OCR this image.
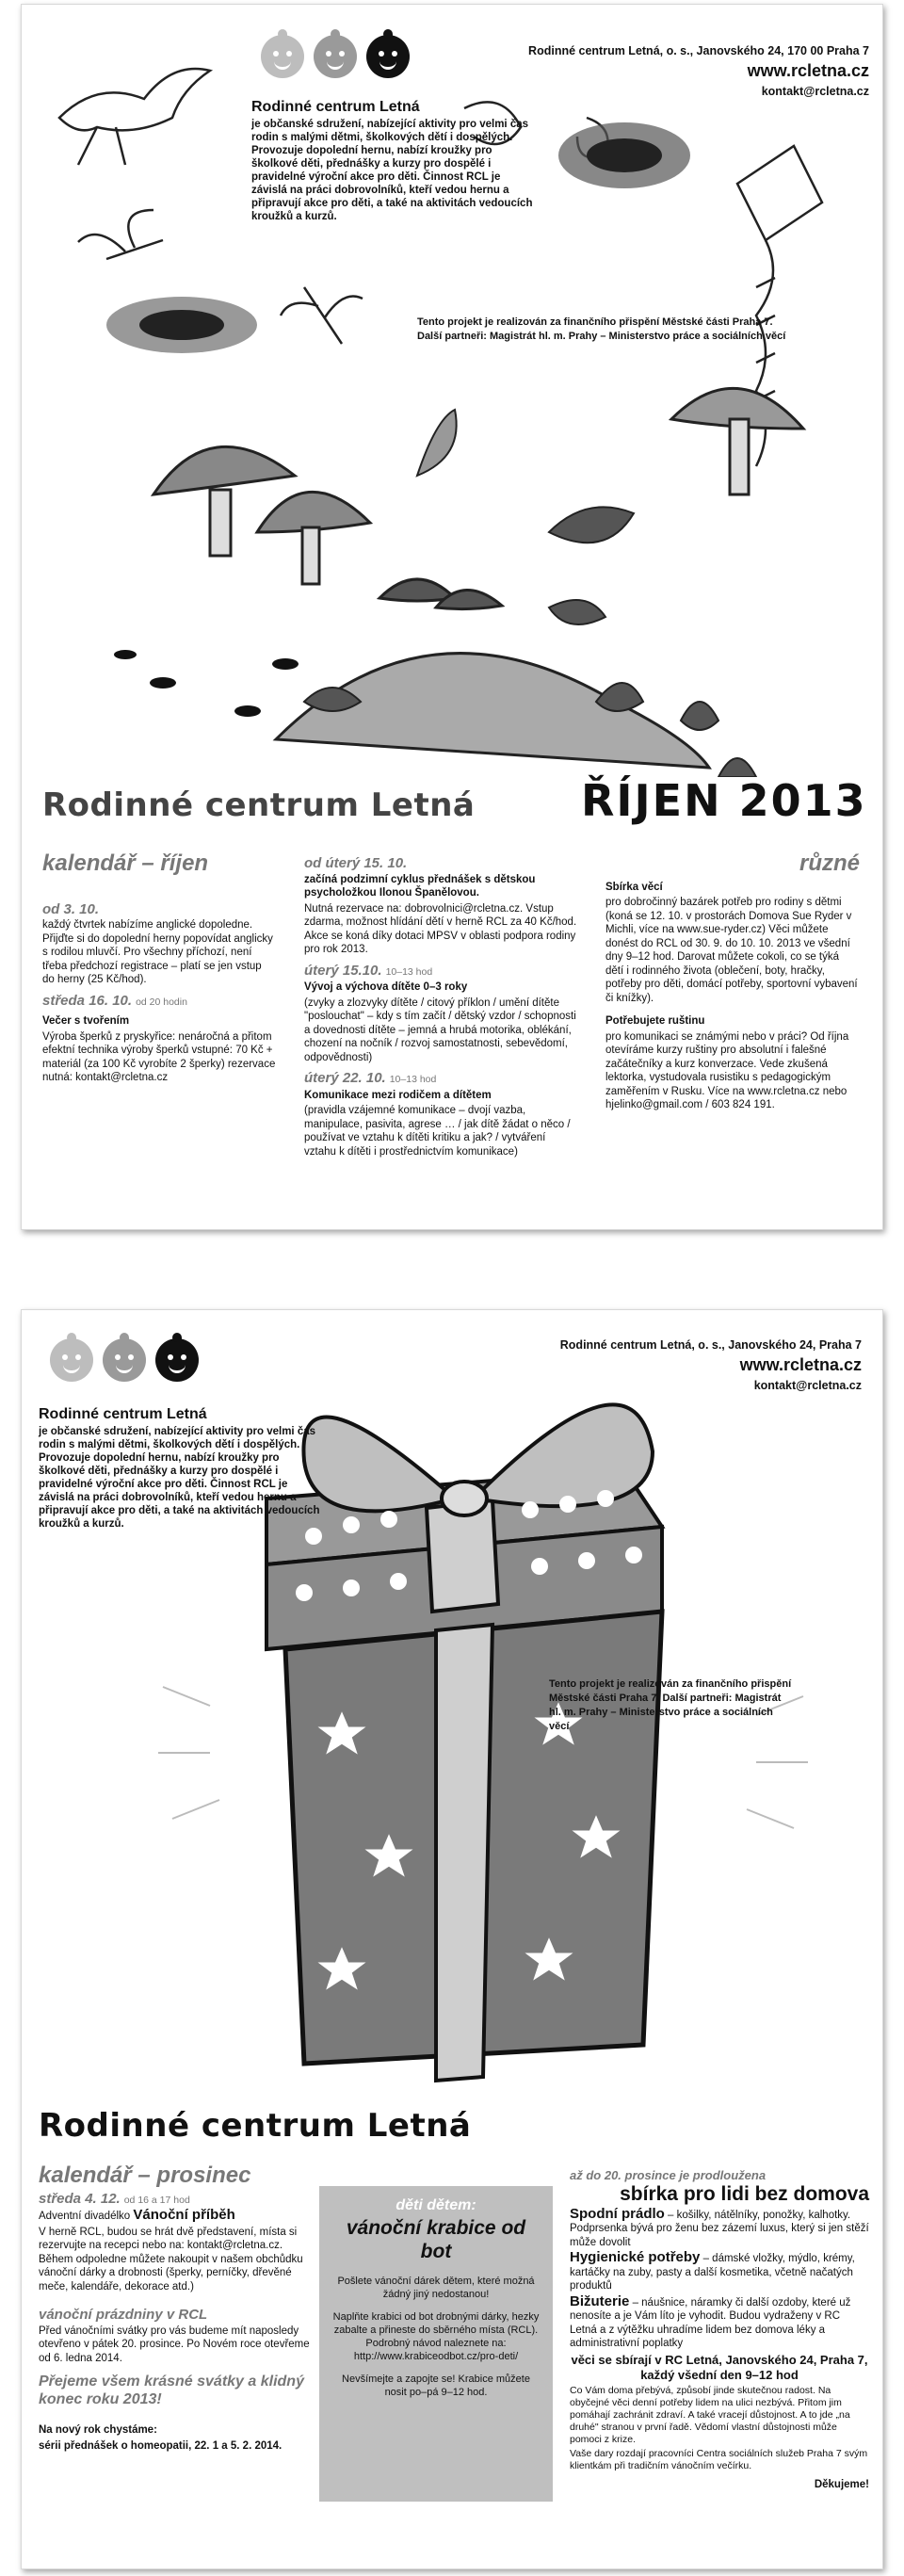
Rodinné centrum Letná
je občanské sdružení, nabízející aktivity pro velmi čas rodin s malými dětmi, školkových dětí i dospělých. Provozuje dopolední hernu, nabízí kroužky pro školkové děti, přednášky a kurzy pro dospělé i pravidelné výroční akce pro děti. Činnost RCL je závislá na práci dobrovolníků, kteří vedou hernu a připravují akce pro děti, a také na aktivitách vedoucích kroužků a kurzů.
Rodinné centrum Letná, o. s., Janovského 24, 170 00 Praha 7
www.rcletna.cz
kontakt@rcletna.cz
Tento projekt je realizován za finančního přispění Městské části Praha 7.
Další partneři: Magistrát hl. m. Prahy – Ministerstvo práce a sociálních věcí
Rodinné centrum Letná ŘÍJEN 2013
kalendář – říjen
od 3. 10.
každý čtvrtek nabízíme anglické dopoledne. Přijďte si do dopolední herny popovídat anglicky s rodilou mluvčí. Pro všechny příchozí, není třeba předchozí registrace – platí se jen vstup do herny (25 Kč/hod).
středa 16. 10. od 20 hodin
Večer s tvořením
Výroba šperků z pryskyřice: nenáročná a přitom efektní technika výroby šperků vstupné: 70 Kč + materiál (za 100 Kč vyrobíte 2 šperky) rezervace nutná: kontakt@rcletna.cz
od úterý 15. 10.
začíná podzimní cyklus přednášek s dětskou psycholožkou Ilonou Španělovou.
Nutná rezervace na: dobrovolnici@rcletna.cz. Vstup zdarma, možnost hlídání dětí v herně RCL za 40 Kč/hod. Akce se koná díky dotaci MPSV v oblasti podpora rodiny pro rok 2013.
úterý 15.10. 10–13 hod
Vývoj a výchova dítěte 0–3 roky
(zvyky a zlozvyky dítěte / citový příklon / umění dítěte "poslouchat" – kdy s tím začít / dětský vzdor / schopnosti a dovednosti dítěte – jemná a hrubá motorika, oblékání, chození na nočník / rozvoj samostatnosti, sebevědomí, odpovědnosti)
úterý 22. 10. 10–13 hod
Komunikace mezi rodičem a dítětem
(pravidla vzájemné komunikace – dvojí vazba, manipulace, pasivita, agrese … / jak dítě žádat o něco / používat ve vztahu k dítěti kritiku a jak? / vytváření vztahu k dítěti i prostřednictvím komunikace)
různé
Sbírka věcí
pro dobročinný bazárek potřeb pro rodiny s dětmi (koná se 12. 10. v prostorách Domova Sue Ryder v Michli, více na www.sue-ryder.cz) Věci můžete donést do RCL od 30. 9. do 10. 10. 2013 ve všední dny 9–12 hod. Darovat můžete cokoli, co se týká dětí i rodinného života (oblečení, boty, hračky, potřeby pro děti, domácí potřeby, sportovní vybavení či knížky).
Potřebujete ruštinu
pro komunikaci se známými nebo v práci? Od října otevíráme kurzy ruštiny pro absolutní i falešné začátečníky a kurz konverzace. Vede zkušená lektorka, vystudovala rusistiku s pedagogickým zaměřením v Rusku. Více na www.rcletna.cz nebo hjelinko@gmail.com / 603 824 191.
Rodinné centrum Letná
je občanské sdružení, nabízející aktivity pro velmi čas rodin s malými dětmi, školkových dětí i dospělých. Provozuje dopolední hernu, nabízí kroužky pro školkové děti, přednášky a kurzy pro dospělé i pravidelné výroční akce pro děti. Činnost RCL je závislá na práci dobrovolníků, kteří vedou hernu a připravují akce pro děti, a také na aktivitách vedoucích kroužků a kurzů.
Rodinné centrum Letná, o. s., Janovského 24, Praha 7
www.rcletna.cz
kontakt@rcletna.cz
Tento projekt je realizován za finančního přispění Městské části Praha 7. Další partneři: Magistrát hl. m. Prahy – Ministerstvo práce a sociálních věcí
Rodinné centrum Letná
kalendář – prosinec
středa 4. 12. od 16 a 17 hod
Adventní divadélko Vánoční příběh
V herně RCL, budou se hrát dvě představení, místa si rezervujte na recepci nebo na: kontakt@rcletna.cz. Během odpoledne můžete nakoupit v našem obchůdku vánoční dárky a drobnosti (šperky, perníčky, dřevěné meče, kalendáře, dekorace atd.)
vánoční prázdniny v RCL
Před vánočními svátky pro vás budeme mít naposledy otevřeno v pátek 20. prosince. Po Novém roce otevřeme od 6. ledna 2014.
Přejeme všem krásné svátky a klidný konec roku 2013!
Na nový rok chystáme:
sérii přednášek o homeopatii, 22. 1 a 5. 2. 2014.
děti dětem:
vánoční krabice od bot
Pošlete vánoční dárek dětem, které možná žádný jiný nedostanou!
Naplňte krabici od bot drobnými dárky, hezky zabalte a přineste do sběrného místa (RCL). Podrobný návod naleznete na: http://www.krabiceodbot.cz/pro-deti/
Nevšímejte a zapojte se! Krabice můžete nosit po–pá 9–12 hod.
až do 20. prosince je prodloužena
sbírka pro lidi bez domova
Spodní prádlo – košilky, nátělníky, ponožky, kalhotky. Podprsenka bývá pro ženu bez zázemí luxus, který si jen stěží může dovolit
Hygienické potřeby – dámské vložky, mýdlo, krémy, kartáčky na zuby, pasty a další kosmetika, včetně načatých produktů
Bižuterie – náušnice, náramky či další ozdoby, které už nenosíte a je Vám líto je vyhodit. Budou vydraženy v RC Letná a z výtěžku uhradíme lidem bez domova léky a administrativní poplatky
věci se sbírají v RC Letná, Janovského 24, Praha 7, každý všední den 9–12 hod
Co Vám doma přebývá, způsobí jinde skutečnou radost. Na obyčejné věci denní potřeby lidem na ulici nezbývá. Přitom jim pomáhají zachránit zdraví. A také vracejí důstojnost. A to jde „na druhé" stranou v první řadě. Vědomí vlastní důstojnosti může pomoci z krize.
Vaše dary rozdají pracovníci Centra sociálních služeb Praha 7 svým klientkám při tradičním vánočním večírku.
Děkujeme!
